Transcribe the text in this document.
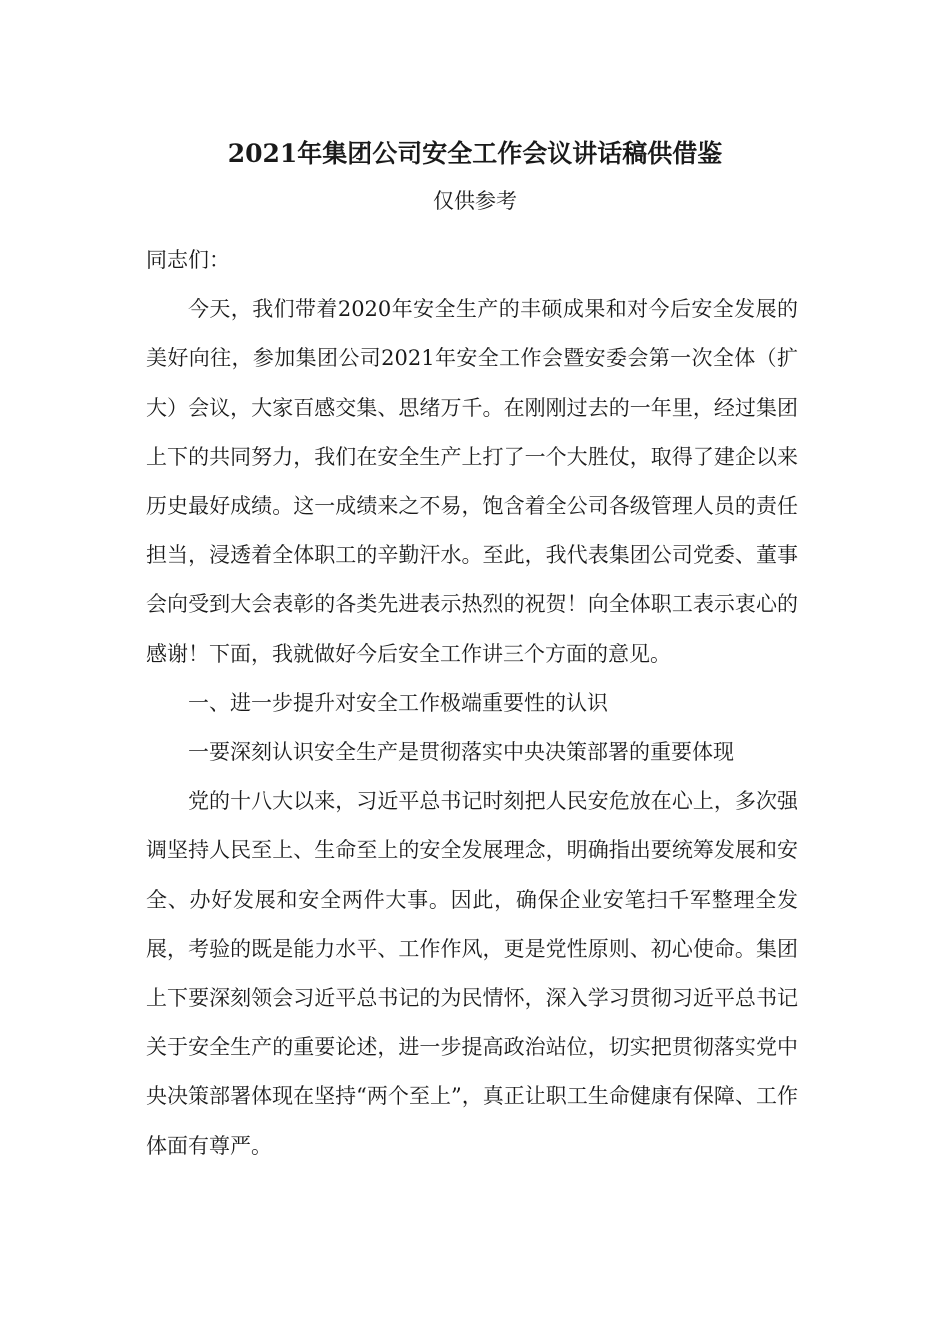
2021年集团公司安全工作会议讲话稿供借鉴
仅供参考

同志们：

今天，我们带着2020年安全生产的丰硕成果和对今后安全发展的美好向往，参加集团公司2021年安全工作会暨安委会第一次全体（扩大）会议，大家百感交集、思绪万千。在刚刚过去的一年里，经过集团上下的共同努力，我们在安全生产上打了一个大胜仗，取得了建企以来历史最好成绩。这一成绩来之不易，饱含着全公司各级管理人员的责任担当，浸透着全体职工的辛勤汗水。至此，我代表集团公司党委、董事会向受到大会表彰的各类先进表示热烈的祝贺！向全体职工表示衷心的感谢！下面，我就做好今后安全工作讲三个方面的意见。

一、进一步提升对安全工作极端重要性的认识

一要深刻认识安全生产是贯彻落实中央决策部署的重要体现

党的十八大以来，习近平总书记时刻把人民安危放在心上，多次强调坚持人民至上、生命至上的安全发展理念，明确指出要统筹发展和安全、办好发展和安全两件大事。因此，确保企业安笔扫千军整理全发展，考验的既是能力水平、工作作风，更是党性原则、初心使命。集团上下要深刻领会习近平总书记的为民情怀，深入学习贯彻习近平总书记关于安全生产的重要论述，进一步提高政治站位，切实把贯彻落实党中央决策部署体现在坚持“两个至上”，真正让职工生命健康有保障、工作体面有尊严。
